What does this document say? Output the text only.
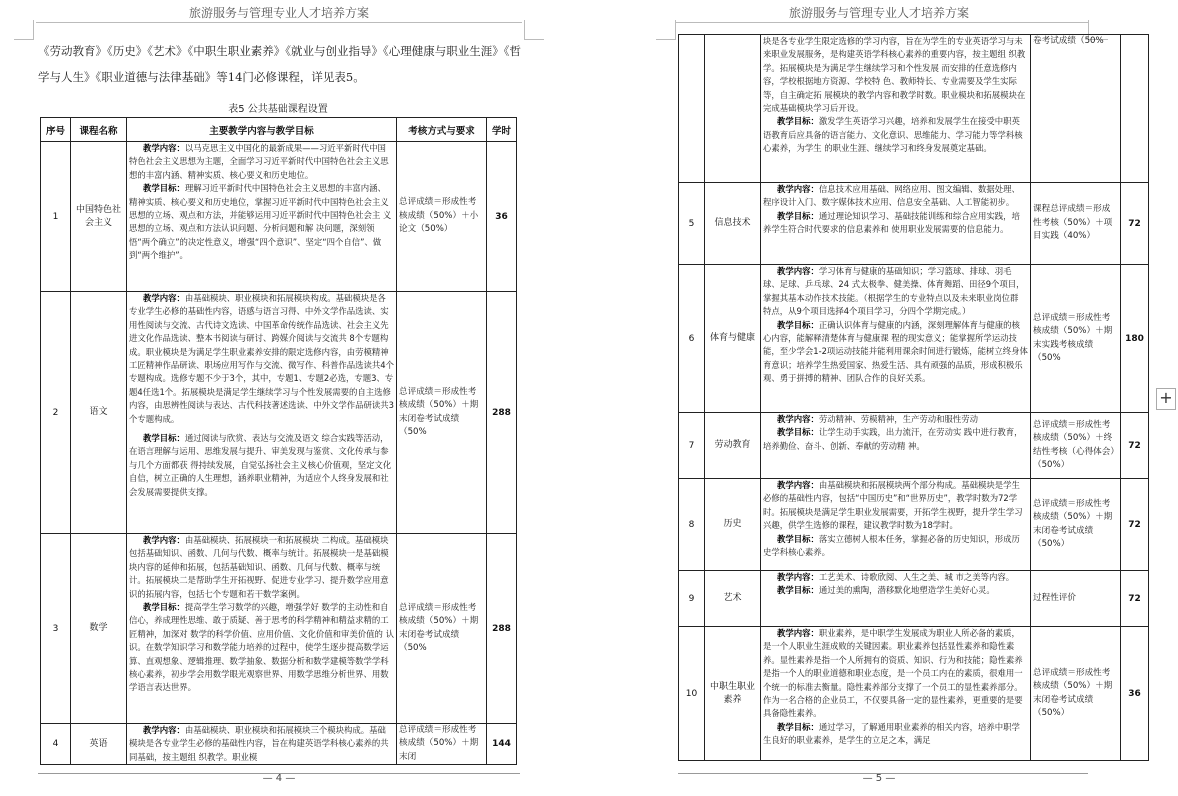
旅游服务与管理专业人才培养方案
《劳动教育》《历史》《艺术》《中职生职业素养》《就业与创业指导》《心理健康与职业生涯》《哲学与人生》《职业道德与法律基础》等14门必修课程，详见表5。
表5 公共基础课程设置
序号	课程名称	主要教学内容与教学目标	考核方式与要求	学时
1	中国特色社会主义	教学内容：以马克思主义中国化的最新成果——习近平新时代中国特色社会主义思想为主题，全面学习习近平新时代中国特色社会主义思想的丰富内涵、精神实质、核心要义和历史地位。
教学目标：理解习近平新时代中国特色社会主义思想的丰富内涵、精神实质、核心要义和历史地位，掌握习近平新时代中国特色社会主义思想的立场、观点和方法，并能够运用习近平新时代中国特色社会主 义思想的立场、观点和方法认识问题、分析问题和解 决问题，深刻领悟“两个确立”的决定性意义，增强“四个意识”、坚定“四个自信”、做到“两个维护”。	总评成绩＝形成性考核成绩（50%）＋小论文（50%）	36
2	语文	教学内容：由基础模块、职业模块和拓展模块构成。基础模块是各专业学生必修的基础性内容，语感与语言习得、中外文学作品选读、实用性阅读与交流、古代诗文选读、中国革命传统作品选读、社会主义先进文化作品选读、整本书阅读与研讨、跨媒介阅读与交流共 8个专题构成。职业模块是为满足学生职业素养安排的限定选修内容，由劳模精神工匠精神作品研读、职场应用写作与交流、微写作、科普作品选读共4个专题构成。选修专题不少于3个，其中，专题1、专题2必选，专题3、专题4任选1个。拓展模块是满足学生继续学习与个性发展需要的自主选修内容，由思辨性阅读与表达、古代科技著述选读、中外文学作品研读共3个专题构成。
教学目标：通过阅读与欣赏、表达与交流及语文 综合实践等活动，在语言理解与运用、思维发展与提升、审美发现与鉴赏、文化传承与参与几个方面都获 得持续发展，自觉弘扬社会主义核心价值观，坚定文化自信，树立正确的人生理想，涵养职业精神，为适应个人终身发展和社会发展需要提供支撑。	总评成绩＝形成性考核成绩（50%）＋期末闭卷考试成绩（50%	288
3	数学	教学内容：由基础模块、拓展模块一和拓展模块 二构成。基础模块包括基础知识、函数、几何与代数、概率与统计。拓展模块一是基础模块内容的延伸和拓展，包括基础知识、函数、几何与代数、概率与统计。拓展模块二是帮助学生开拓视野、促进专业学习、提升数学应用意识的拓展内容，包括七个专题和若干数学案例。
教学目标：提高学生学习数学的兴趣，增强学好 数学的主动性和自信心，养成理性思维、敢于质疑、善于思考的科学精神和精益求精的工匠精神，加深对 数学的科学价值、应用价值、文化价值和审美价值的 认识。在数学知识学习和数学能力培养的过程中，使学生逐步提高数学运算、直观想象、逻辑推理、数学抽象、数据分析和数学建模等数学学科核心素养，初步学会用数学眼光观察世界、用数学思维分析世界、用数学语言表达世界。	总评成绩＝形成性考核成绩（50%）＋期末闭卷考试成绩（50%	288
4	英语	教学内容：由基础模块、职业模块和拓展模块三个模块构成。基础模块是各专业学生必修的基础性内容，旨在构建英语学科核心素养的共同基础，按主题组 织教学。职业模	总评成绩＝形成性考核成绩（50%）＋期末闭	144
— 4 —
旅游服务与管理专业人才培养方案
— 5 —

		块是各专业学生限定选修的学习内容，旨在为学生的专业英语学习与未来职业发展服务，是构建英语学科核心素养的重要内容，按主题组 织教学。拓展模块是为满足学生继续学习和个性发展 而安排的任意选修内容，学校根据地方资源、学校特 色、教师特长、专业需要及学生实际等，自主确定拓 展模块的教学内容和教学时数。职业模块和拓展模块在完成基础模块学习后开设。
教学目标：激发学生英语学习兴趣，培养和发展学生在接受中职英语教育后应具备的语言能力、文化意识、思维能力、学习能力等学科核心素养，为学生 的职业生涯、继续学习和终身发展奠定基础。	卷考试成绩（50%	
5	信息技术	教学内容：信息技术应用基础、网络应用、图文编辑、数据处理、程序设计入门、数字媒体技术应用、信息安全基础、人工智能初步。
教学目标：通过理论知识学习、基础技能训练和综合应用实践，培养学生符合时代要求的信息素养和 使用职业发展需要的信息能力。	课程总评成绩＝形成性考核（50%）＋项目实践（40%）	72
6	体育与健康	教学内容：学习体育与健康的基础知识；学习篮球、排球、羽毛球、足球、乒乓球、24 式太极拳、健美操、体育舞蹈、田径9个项目，掌握其基本动作技术技能。（根据学生的专业特点以及未来职业岗位群 特点，从9个项目选择4个项目学习，分四个学期完成。）
教学目标：正确认识体育与健康的内涵，深刻理解体育与健康的核心内容，能解释清楚体育与健康课 程的现实意义；能掌握所学运动技能，至少学会1-2项运动技能并能利用课余时间进行锻炼，能树立终身体育意识；培养学生热爱国家、热爱生活、具有顽强的品质，形成积极乐观、勇于拼搏的精神、团队合作的良好关系。	总评成绩＝形成性考核成绩（50%）＋期末实践考核成绩（50%	180
7	劳动教育	教学内容：劳动精神、劳模精神，生产劳动和服性劳动
教学目标：让学生动手实践，出力流汗，在劳动实 践中进行教育，培养勤俭、奋斗、创新、奉献的劳动精 神。	总评成绩＝形成性考核成绩（50%）＋终结性考核（心得体会）（50%）	72
8	历史	教学内容：由基础模块和拓展模块两个部分构成。基础模块是学生必修的基础性内容，包括“中国历史”和“世界历史”，教学时数为72学时。拓展模块是满足学生职业发展需要，开拓学生视野，提升学生学习兴趣，供学生选修的课程，建议教学时数为18学时。
教学目标：落实立德树人根本任务，掌握必备的历史知识，形成历史学科核心素养。	总评成绩＝形成性考核成绩（50%）＋期末闭卷考试成绩（50%）	72
9	艺术	教学内容：工艺美术、诗歌欣阅、人生之美、城 市之美等内容。
教学目标：通过美的熏陶，潜移默化地塑造学生美好心灵。	过程性评价	72
10	中职生职业素养	教学内容：职业素养，是中职学生发展成为职业人所必备的素质，是一个人职业生涯成败的关键因素。职业素养包括显性素养和隐性素养。显性素养是指一个人所拥有的资质、知识、行为和技能；隐性素养是指一个人的职业道德和职业态度，是一个员工内在的素质，很难用一个统一的标准去衡量。隐性素养部分支撑了一个员工的显性素养部分。作为一名合格的企业员工，不仅要具备一定的显性素养，更重要的是要具备隐性素养。
教学目标：通过学习，了解通用职业素养的相关内容，培养中职学生良好的职业素养，是学生的立足之本，满足	总评成绩＝形成性考核成绩（50%）＋期末闭卷考试成绩（50%）	36
+
